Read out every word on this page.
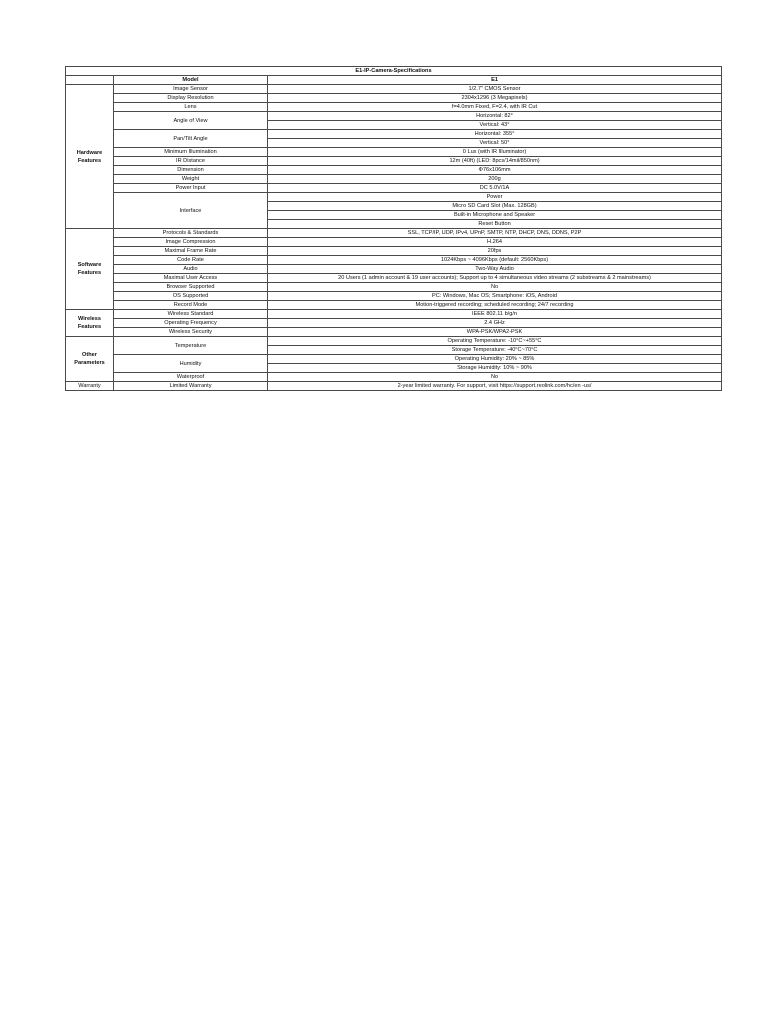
E1-IP-Camera-Specifications		
	Model	E1
Hardware Features	Image Sensor	1/2.7" CMOS Sensor
	Display Resolution	2304x1296 (3 Megapixels)
	Lens	f=4.0mm Fixed, F=2.4, with IR Cut
	Angle of View	Horizontal: 82°
		Vertical: 43°
	Pan/Tilt Angle	Horizontal: 355°
		Vertical: 50°
	Minimum Illumination	0 Lux (with IR Illuminator)
	IR Distance	12m (40ft) (LED: 8pcs/14mil/850nm)
	Dimension	Φ76x106mm
	Weight	200g
	Power Input	DC 5.0V/1A
	Interface	Power
		Micro SD Card Slot (Max. 128GB)
		Built-in Microphone and Speaker
		Reset Button
Software Features	Protocols & Standards	SSL, TCP/IP, UDP, IPv4, UPnP, SMTP, NTP, DHCP, DNS, DDNS, P2P
	Image Compression	H.264
	Maximal Frame Rate	20fps
	Code Rate	1024Kbps ~ 4096Kbps (default: 2560Kbps)
	Audio	Two-Way Audio
	Maximal User Access	20 Users (1 admin account & 19 user accounts); Support up to 4 simultaneous video streams (2 substreams & 2 mainstreams)
	Browser Supported	No
	OS Supported	PC: Windows, Mac OS; Smartphone: iOS, Android
	Record Mode	Motion-triggered recording; scheduled recording; 24/7 recording
Wireless Features	Wireless Standard	IEEE 802.11 b/g/n
	Operating Frequency	2.4 GHz
	Wireless Security	WPA-PSK/WPA2-PSK
Other Parameters	Temperature	Operating Temperature: -10°C~+55°C
		Storage Temperature: -40°C~70°C
	Humidity	Operating Humidity: 20% ~ 85%
		Storage Humidity: 10% ~ 90%
	Waterproof	No
Warranty	Limited Warranty	2-year limited warranty. For support, visit https://support.reolink.com/hc/en -us/
